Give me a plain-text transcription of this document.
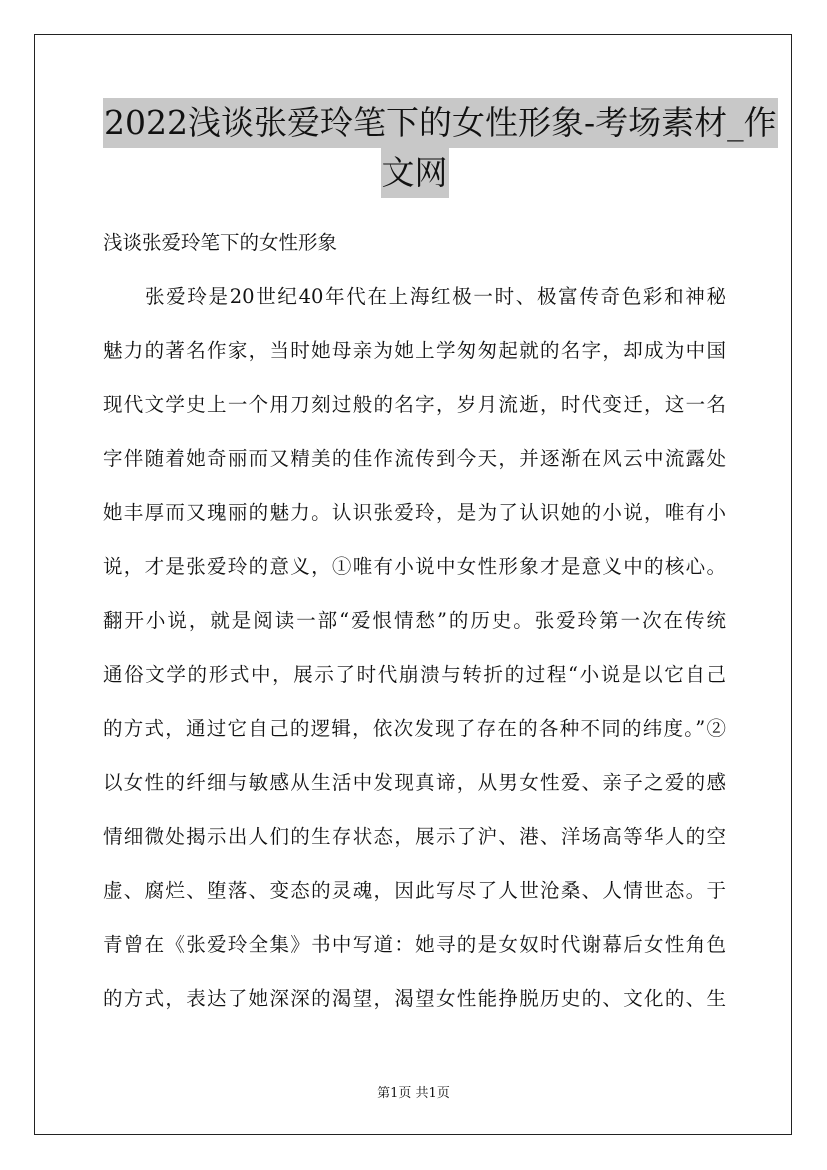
2022浅谈张爱玲笔下的女性形象-考场素材_作
文网
浅谈张爱玲笔下的女性形象
张爱玲是20世纪40年代在上海红极一时、极富传奇色彩和神秘
魅力的著名作家，当时她母亲为她上学匆匆起就的名字，却成为中国
现代文学史上一个用刀刻过般的名字，岁月流逝，时代变迁，这一名
字伴随着她奇丽而又精美的佳作流传到今天，并逐渐在风云中流露处
她丰厚而又瑰丽的魅力。认识张爱玲，是为了认识她的小说，唯有小
说，才是张爱玲的意义，①唯有小说中女性形象才是意义中的核心。
翻开小说，就是阅读一部“爱恨情愁”的历史。张爱玲第一次在传统
通俗文学的形式中，展示了时代崩溃与转折的过程“小说是以它自己
的方式，通过它自己的逻辑，依次发现了存在的各种不同的纬度。”②
以女性的纤细与敏感从生活中发现真谛，从男女性爱、亲子之爱的感
情细微处揭示出人们的生存状态，展示了沪、港、洋场高等华人的空
虚、腐烂、堕落、变态的灵魂，因此写尽了人世沧桑、人情世态。于
青曾在《张爱玲全集》书中写道：她寻的是女奴时代谢幕后女性角色
的方式，表达了她深深的渴望，渴望女性能挣脱历史的、文化的、生
第1页 共1页
